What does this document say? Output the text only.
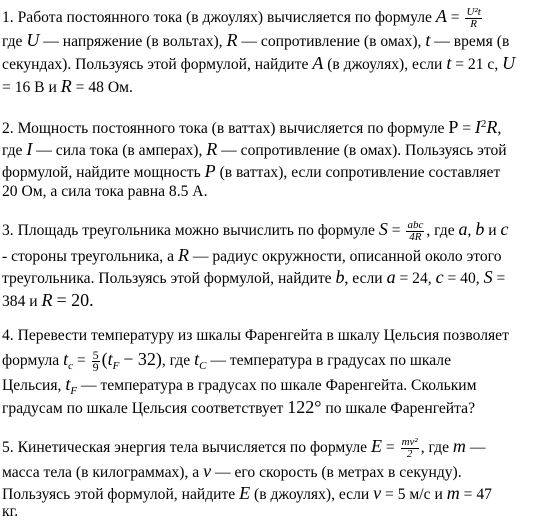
1. Работа постоянного тока (в джоулях) вычисляется по формуле $A = \frac{\text{U²t}}{R}$
где U — напряжение (в вольтах), R — сопротивление (в омах), t — время (в
секундах). Пользуясь этой формулой, найдите A (в джоулях), если t = 21 с, U
= 16 В и R = 48 Ом.
2. Мощность постоянного тока (в ваттах) вычисляется по формуле $P = I^2R$,
где I — сила тока (в амперах), R — сопротивление (в омах). Пользуясь этой
формулой, найдите мощность P (в ваттах), если сопротивление составляет
20 Ом, а сила тока равна 8.5 А.
3. Площадь треугольника можно вычислить по формуле $S = \frac{\text{abc}}{4R}$ , где a, b и c
- стороны треугольника, а R — радиус окружности, описанной около этого
треугольника. Пользуясь этой формулой, найдите b, если a = 24, c = 40, S =
384 и R = 20.
4. Перевести температуру из шкалы Фаренгейта в шкалу Цельсия позволяет
формула $t_c = \frac{5}{9} (t_F - 32)$, где $t_C$ — температура в градусах по шкале
Цельсия, $t_F$ — температура в градусах по шкале Фаренгейта. Скольким
градусам по шкале Цельсия соответствует 122° по шкале Фаренгейта?
5. Кинетическая энергия тела вычисляется по формуле $E = \frac{\text{mv²}}{2}$ , где m —
масса тела (в килограммах), а v — его скорость (в метрах в секунду).
Пользуясь этой формулой, найдите E (в джоулях), если v = 5 м/с и m = 47
кг.
